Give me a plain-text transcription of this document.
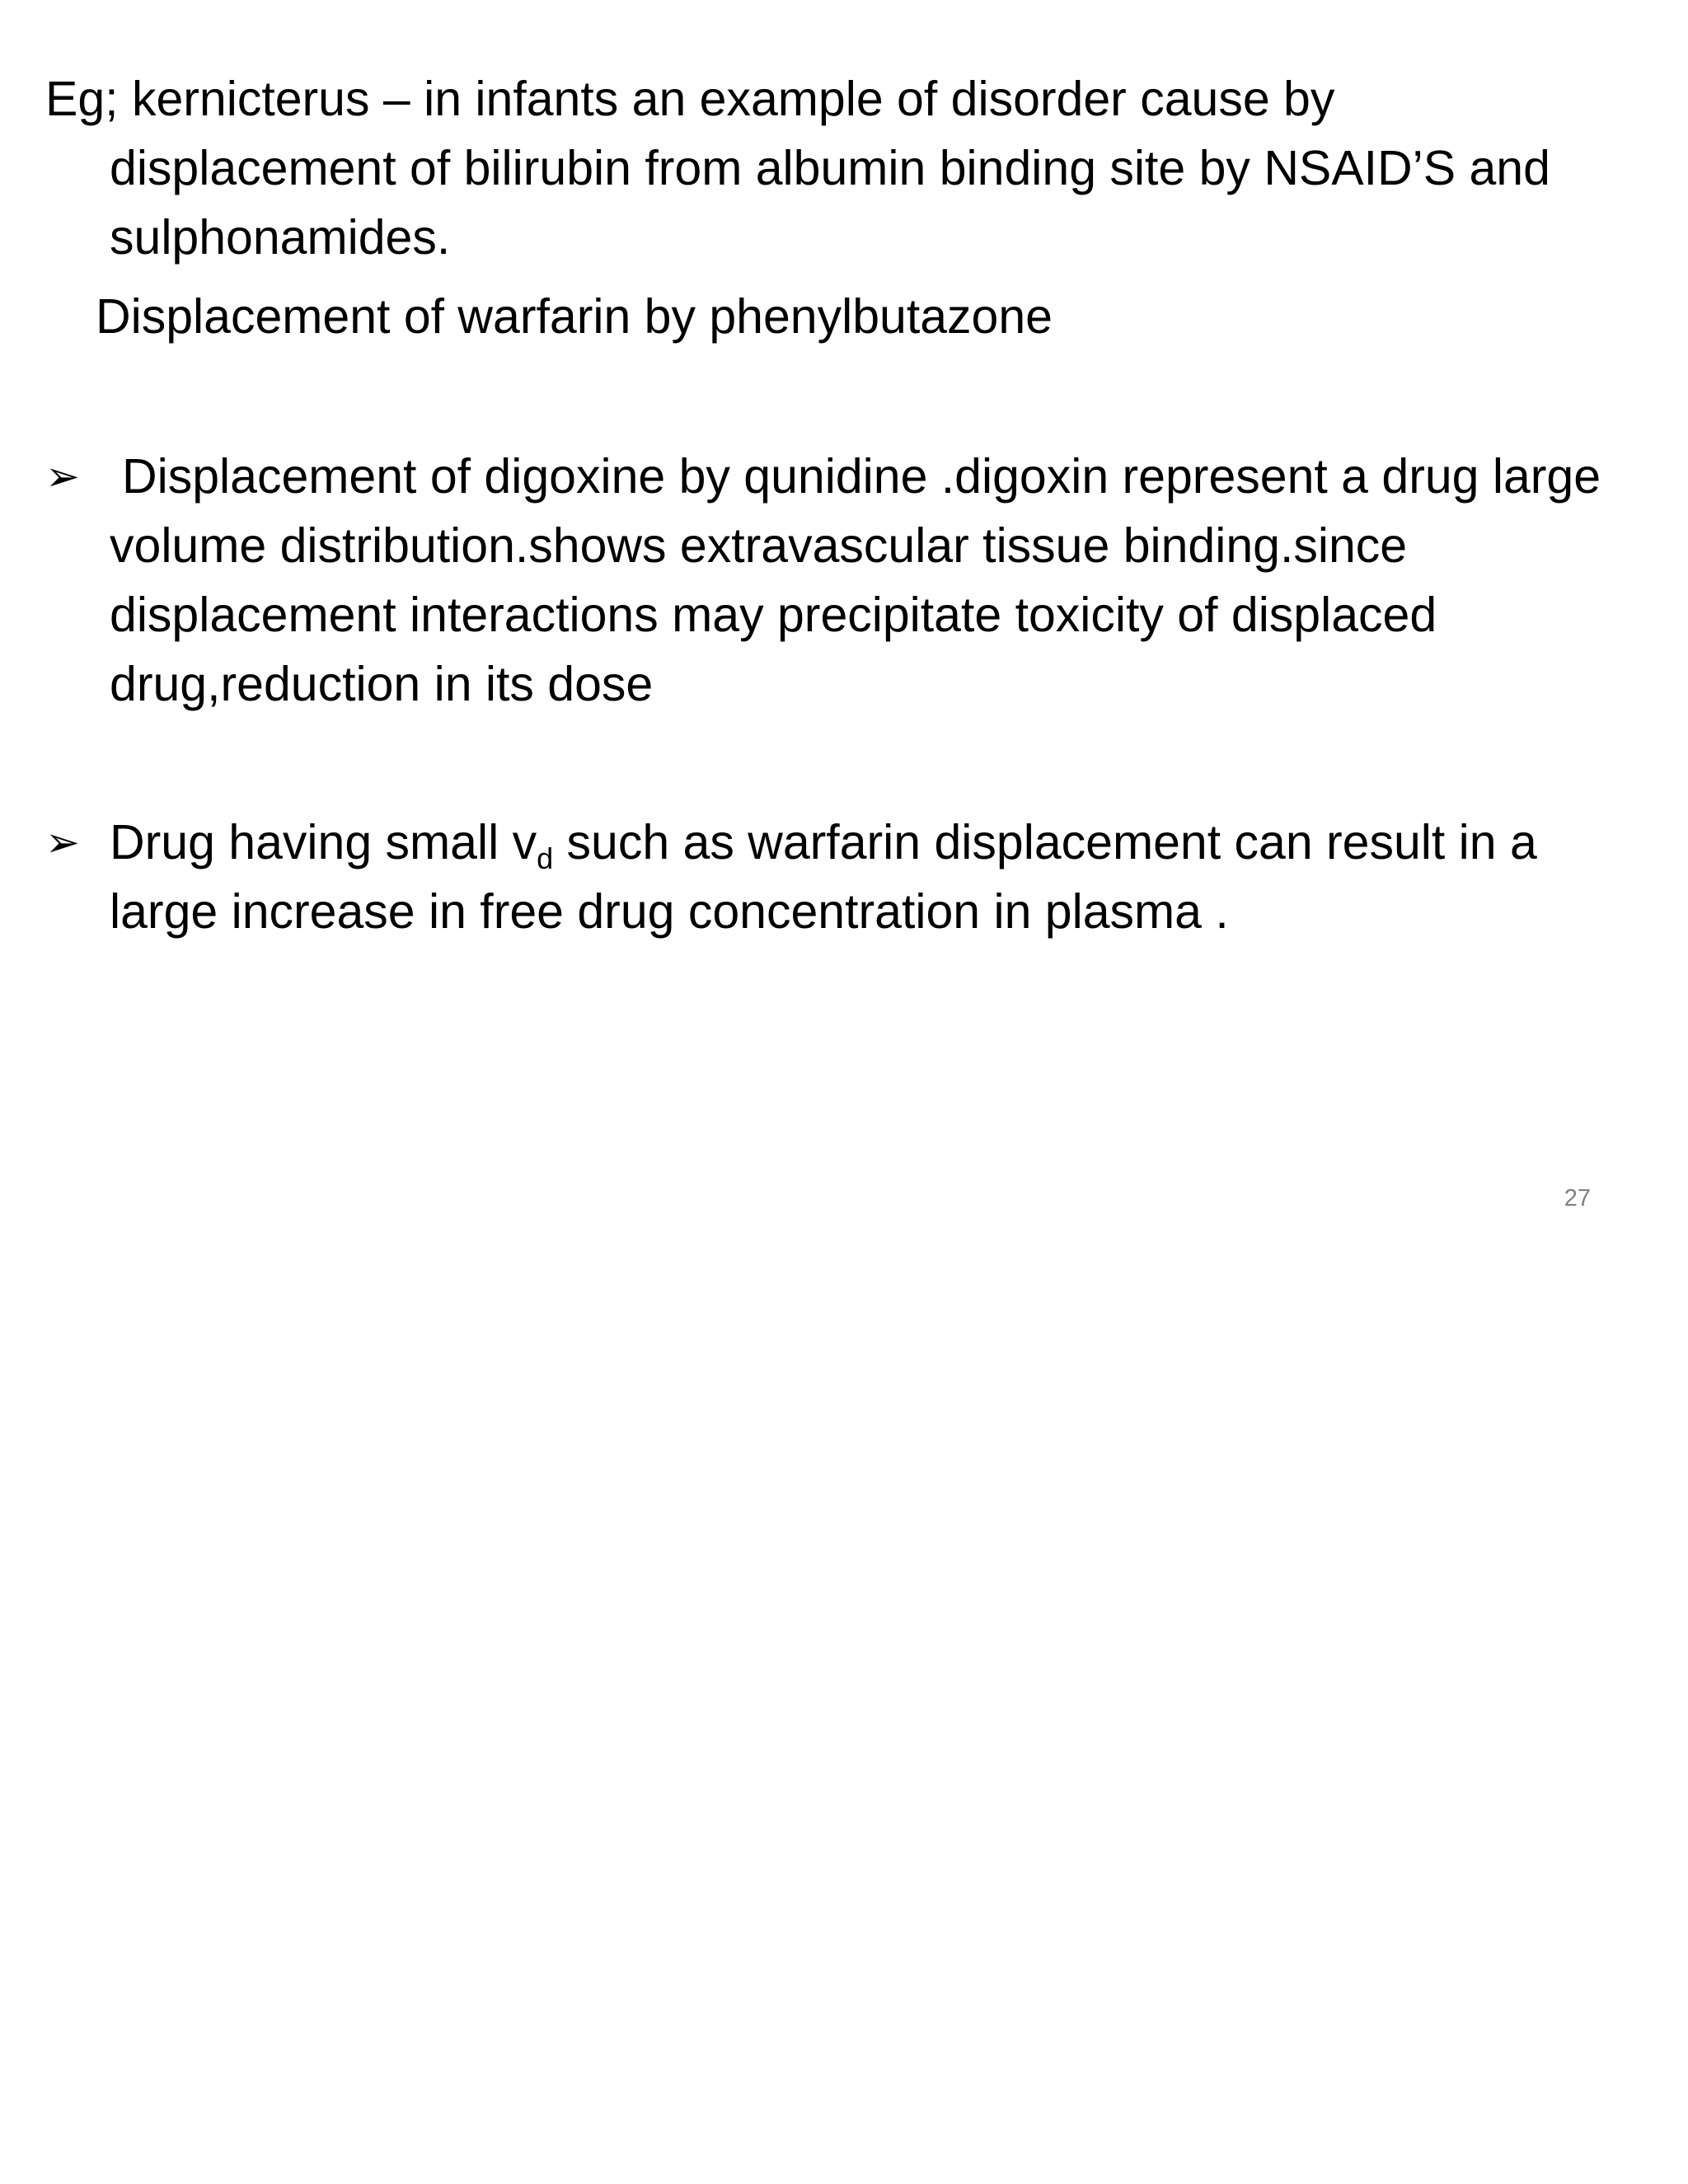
Eg; kernicterus – in infants an example of disorder cause by displacement of bilirubin from albumin binding site by NSAID’S and sulphonamides.

Displacement of warfarin by phenylbutazone

➢ Displacement of digoxine by qunidine .digoxin represent a drug large volume distribution.shows extravascular tissue binding.since displacement interactions may precipitate toxicity of displaced drug,reduction in its dose

➢ Drug having small $v_d$ such as warfarin displacement can result in a large increase in free drug concentration in plasma .

27
